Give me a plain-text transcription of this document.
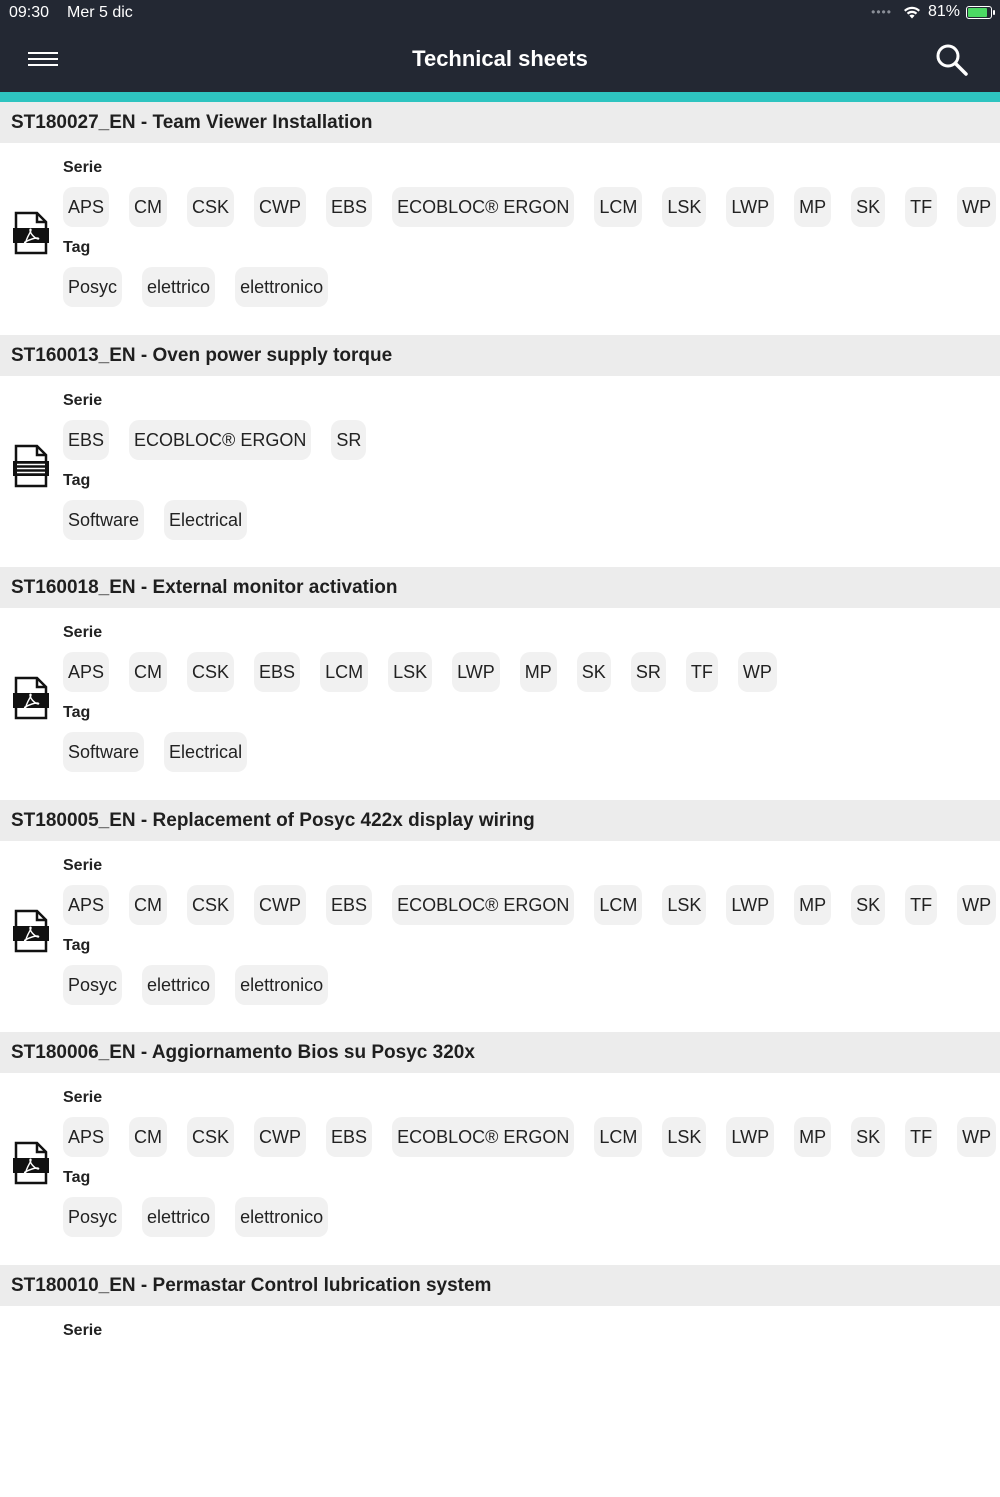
09:30 Mer 5 dic	•••• 81%
Technical sheets
ST180027_EN - Team Viewer Installation
Serie
APS CM CSK CWP EBS ECOBLOC® ERGON LCM LSK LWP MP SK TF WP
Tag
Posyc elettrico elettronico
ST160013_EN - Oven power supply torque
Serie
EBS ECOBLOC® ERGON SR
Tag
Software Electrical
ST160018_EN - External monitor activation
Serie
APS CM CSK EBS LCM LSK LWP MP SK SR TF WP
Tag
Software Electrical
ST180005_EN - Replacement of Posyc 422x display wiring
Serie
APS CM CSK CWP EBS ECOBLOC® ERGON LCM LSK LWP MP SK TF WP
Tag
Posyc elettrico elettronico
ST180006_EN - Aggiornamento Bios su Posyc 320x
Serie
APS CM CSK CWP EBS ECOBLOC® ERGON LCM LSK LWP MP SK TF WP
Tag
Posyc elettrico elettronico
ST180010_EN - Permastar Control lubrication system
Serie
